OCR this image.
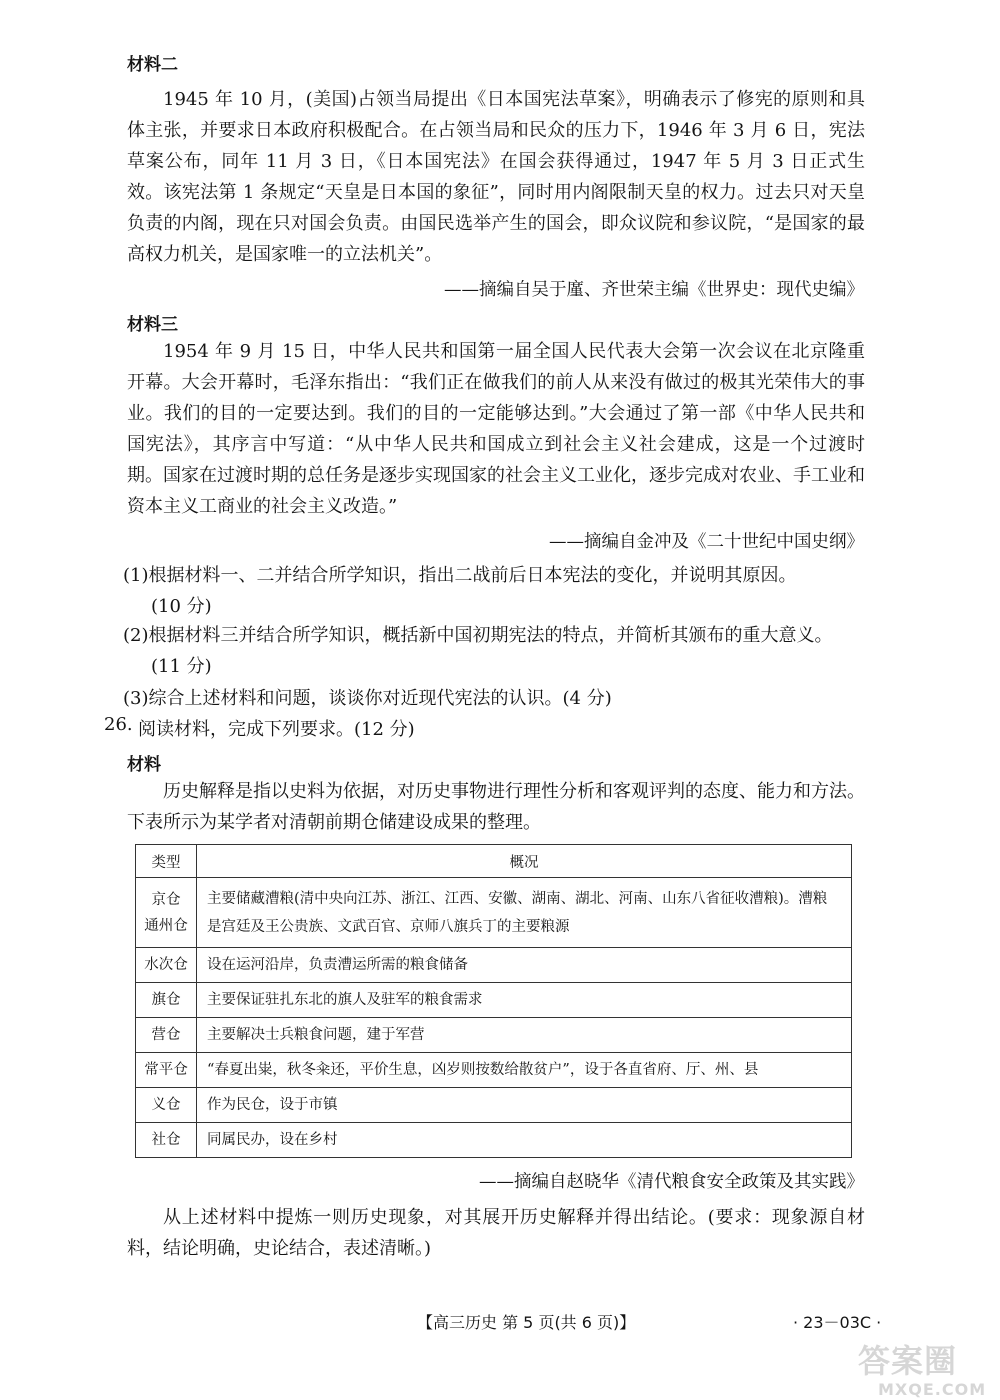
材料二

1945 年 10 月，(美国)占领当局提出《日本国宪法草案》，明确表示了修宪的原则和具体主张，并要求日本政府积极配合。在占领当局和民众的压力下，1946 年 3 月 6 日，宪法草案公布，同年 11 月 3 日，《日本国宪法》在国会获得通过，1947 年 5 月 3 日正式生效。该宪法第 1 条规定“天皇是日本国的象征”，同时用内阁限制天皇的权力。过去只对天皇负责的内阁，现在只对国会负责。由国民选举产生的国会，即众议院和参议院，“是国家的最高权力机关，是国家唯一的立法机关”。

——摘编自吴于廑、齐世荣主编《世界史：现代史编》
材料三

1954 年 9 月 15 日，中华人民共和国第一届全国人民代表大会第一次会议在北京隆重开幕。大会开幕时，毛泽东指出：“我们正在做我们的前人从来没有做过的极其光荣伟大的事业。我们的目的一定要达到。我们的目的一定能够达到。”大会通过了第一部《中华人民共和国宪法》，其序言中写道：“从中华人民共和国成立到社会主义社会建成，这是一个过渡时期。国家在过渡时期的总任务是逐步实现国家的社会主义工业化，逐步完成对农业、手工业和资本主义工商业的社会主义改造。”

——摘编自金冲及《二十世纪中国史纲》
(1)根据材料一、二并结合所学知识，指出二战前后日本宪法的变化，并说明其原因。
(10 分)
(2)根据材料三并结合所学知识，概括新中国初期宪法的特点，并简析其颁布的重大意义。
(11 分)
(3)综合上述材料和问题，谈谈你对近现代宪法的认识。(4 分)
26. 阅读材料，完成下列要求。(12 分)
材料

历史解释是指以史料为依据，对历史事物进行理性分析和客观评判的态度、能力和方法。下表所示为某学者对清朝前期仓储建设成果的整理。

类型	概况
京仓
通州仓	主要储藏漕粮(清中央向江苏、浙江、江西、安徽、湖南、湖北、河南、山东八省征收漕粮)。漕粮是宫廷及王公贵族、文武百官、京师八旗兵丁的主要粮源
水次仓	设在运河沿岸，负责漕运所需的粮食储备
旗仓	主要保证驻扎东北的旗人及驻军的粮食需求
营仓	主要解决士兵粮食问题，建于军营
常平仓	“春夏出粜，秋冬籴还，平价生息，凶岁则按数给散贫户”，设于各直省府、厅、州、县
义仓	作为民仓，设于市镇
社仓	同属民办，设在乡村
——摘编自赵晓华《清代粮食安全政策及其实践》

从上述材料中提炼一则历史现象，对其展开历史解释并得出结论。(要求：现象源自材料，结论明确，史论结合，表述清晰。)

【高三历史 第 5 页(共 6 页)】	· 23－03C ·
答案圈
MXQE.COM
